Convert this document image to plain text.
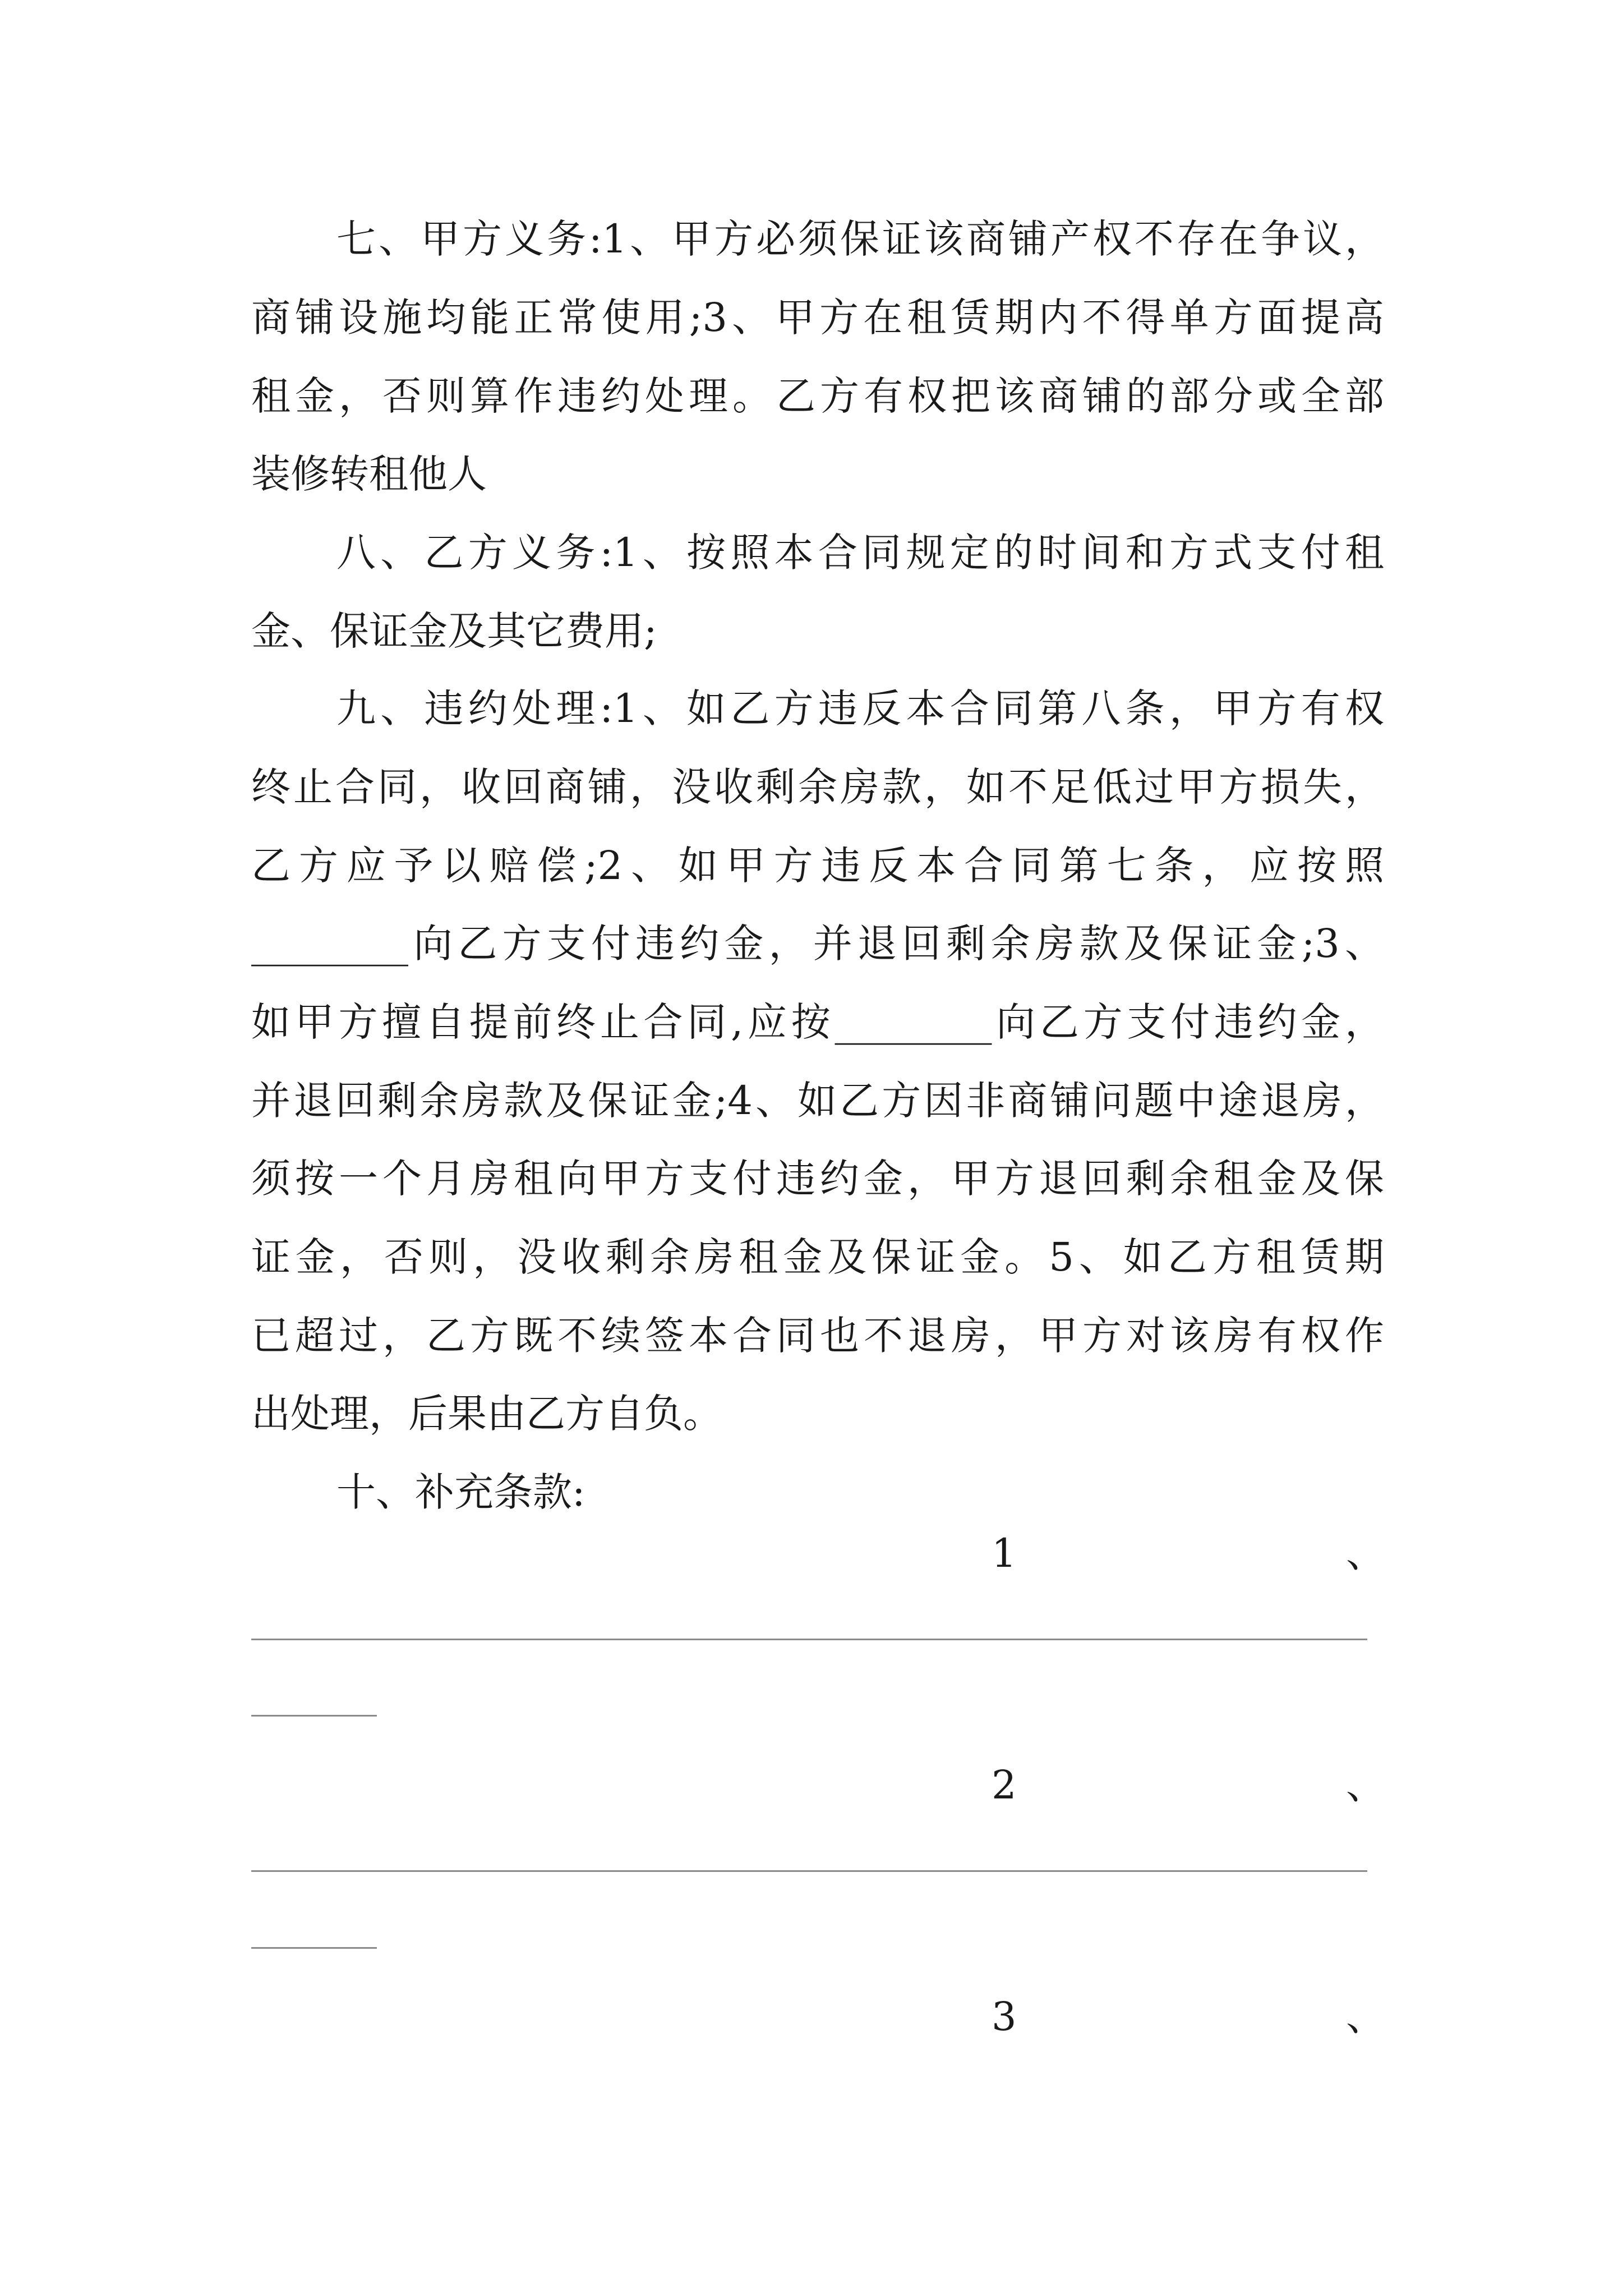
七、甲方义务:1、甲方必须保证该商铺产权不存在争议，
商铺设施均能正常使用;3、甲方在租赁期内不得单方面提高
租金，否则算作违约处理。乙方有权把该商铺的部分或全部
装修转租他人
八、乙方义务:1、按照本合同规定的时间和方式支付租
金、保证金及其它费用;
九、违约处理:1、如乙方违反本合同第八条，甲方有权
终止合同，收回商铺，没收剩余房款，如不足低过甲方损失，
乙方应予以赔偿;2、如甲方违反本合同第七条，应按照
________向乙方支付违约金，并退回剩余房款及保证金;3、
如甲方擅自提前终止合同,应按________向乙方支付违约金，
并退回剩余房款及保证金;4、如乙方因非商铺问题中途退房，
须按一个月房租向甲方支付违约金，甲方退回剩余租金及保
证金，否则，没收剩余房租金及保证金。5、如乙方租赁期
已超过，乙方既不续签本合同也不退房，甲方对该房有权作
出处理，后果由乙方自负。
十、补充条款:
1	、
2	、
3	、
